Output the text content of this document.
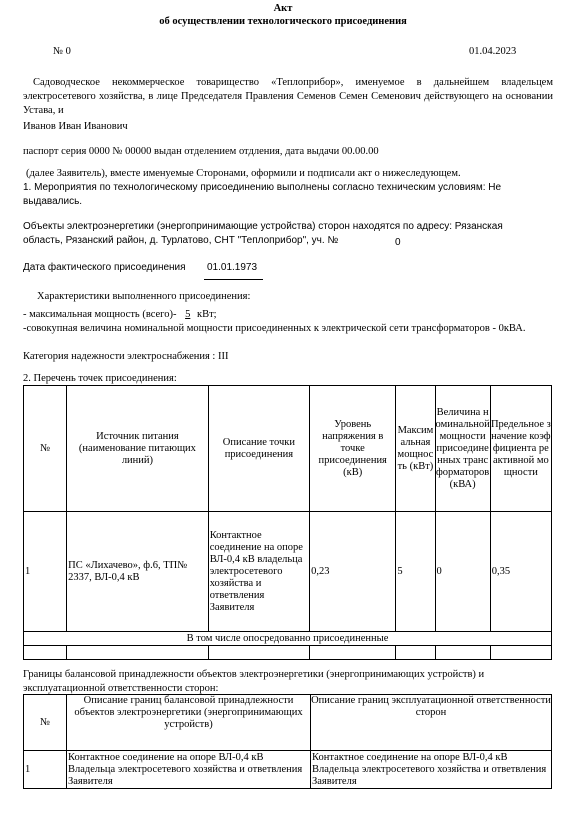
Акт
об осуществлении технологического присоединения
№ 0	01.04.2023
Садоводческое некоммерческое товарищество «Теплоприбор», именуемое в дальнейшем владельцем электросетевого хозяйства, в лице Председателя Правления Семенов Семен Семенович действующего на основании Устава, и
Иванов Иван Иванович
паспорт серия 0000 № 00000 выдан отделением отдления, дата выдачи 00.00.00
(далее Заявитель), вместе именуемые Сторонами, оформили и подписали акт о нижеследующем.
1. Мероприятия по технологическому присоединению выполнены согласно техническим условиям: Не выдавались.
Объекты электроэнергетики (энергопринимающие устройства) сторон находятся по адресу: Рязанская область, Рязанский район, д. Турлатово, СНТ "Теплоприбор", уч. №	0
Дата фактического присоединения 01.01.1973
Характеристики выполненного присоединения:
- максимальная мощность (всего)- 5 кВт;
-совокупная величина номинальной мощности присоединенных к электрической сети трансформаторов - 0кВА.
Категория надежности электроснабжения : III
2. Перечень точек присоединения:
№	Источник питания (наименование питающих линий)	Описание точки присоединения	Уровень напряжения в точке присоединения (кВ)	Максимальная мощность (кВт)	Величина номинальной мощности присоединенных трансформаторов (кВА)	Предельное значение коэффициента реактивной мощности
1	ПС «Лихачево», ф.6, ТП№ 2337, ВЛ-0,4 кВ	Контактное соединение на опоре ВЛ-0,4 кВ владельца электросетевого хозяйства и ответвления Заявителя	0,23	5	0	0,35
В том числе опосредованно присоединенные						

Границы балансовой принадлежности объектов электроэнергетики (энергопринимающих устройств) и эксплуатационной ответственности сторон:
№	Описание границ балансовой принадлежности объектов электроэнергетики (энергопринимающих устройств)	Описание границ эксплуатационной ответственности сторон
1	Контактное соединение на опоре ВЛ-0,4 кВ Владельца электросетевого хозяйства и ответвления Заявителя	Контактное соединение на опоре ВЛ-0,4 кВ Владельца электросетевого хозяйства и ответвления Заявителя
